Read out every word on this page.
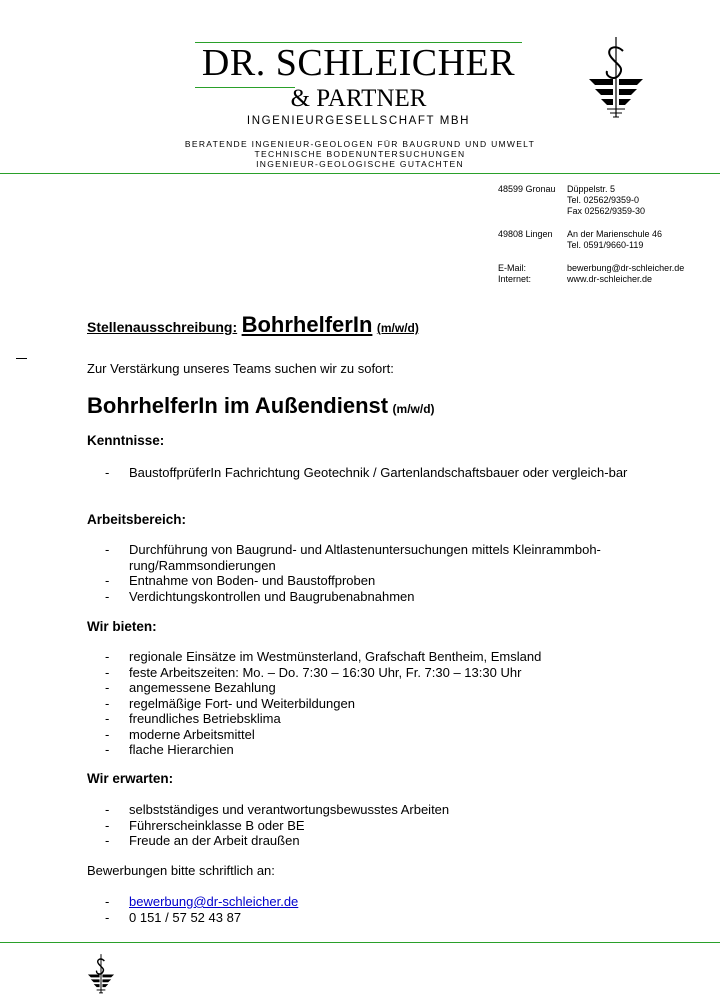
DR. SCHLEICHER
& PARTNER
INGENIEURGESELLSCHAFT MBH
BERATENDE INGENIEUR-GEOLOGEN FÜR BAUGRUND UND UMWELT
TECHNISCHE BODENUNTERSUCHUNGEN
INGENIEUR-GEOLOGISCHE GUTACHTEN
48599 Gronau Düppelstr. 5
Tel. 02562/9359-0
Fax 02562/9359-30
49808 Lingen An der Marienschule 46
Tel. 0591/9660-119
E-Mail:	bewerbung@dr-schleicher.de
Internet:	www.dr-schleicher.de
Stellenausschreibung: BohrhelferIn (m/w/d)
Zur Verstärkung unseres Teams suchen wir zu sofort:
BohrhelferIn im Außendienst (m/w/d)
Kenntnisse:
- BaustoffprüferIn Fachrichtung Geotechnik / Gartenlandschaftsbauer oder vergleich-bar
Arbeitsbereich:
- Durchführung von Baugrund- und Altlastenuntersuchungen mittels Kleinrammboh-rung/Rammsondierungen
- Entnahme von Boden- und Baustoffproben
- Verdichtungskontrollen und Baugrubenabnahmen
Wir bieten:
- regionale Einsätze im Westmünsterland, Grafschaft Bentheim, Emsland
- feste Arbeitszeiten: Mo. – Do. 7:30 – 16:30 Uhr, Fr. 7:30 – 13:30 Uhr
- angemessene Bezahlung
- regelmäßige Fort- und Weiterbildungen
- freundliches Betriebsklima
- moderne Arbeitsmittel
- flache Hierarchien
Wir erwarten:
- selbstständiges und verantwortungsbewusstes Arbeiten
- Führerscheinklasse B oder BE
- Freude an der Arbeit draußen
Bewerbungen bitte schriftlich an:
- bewerbung@dr-schleicher.de
- 0 151 / 57 52 43 87
